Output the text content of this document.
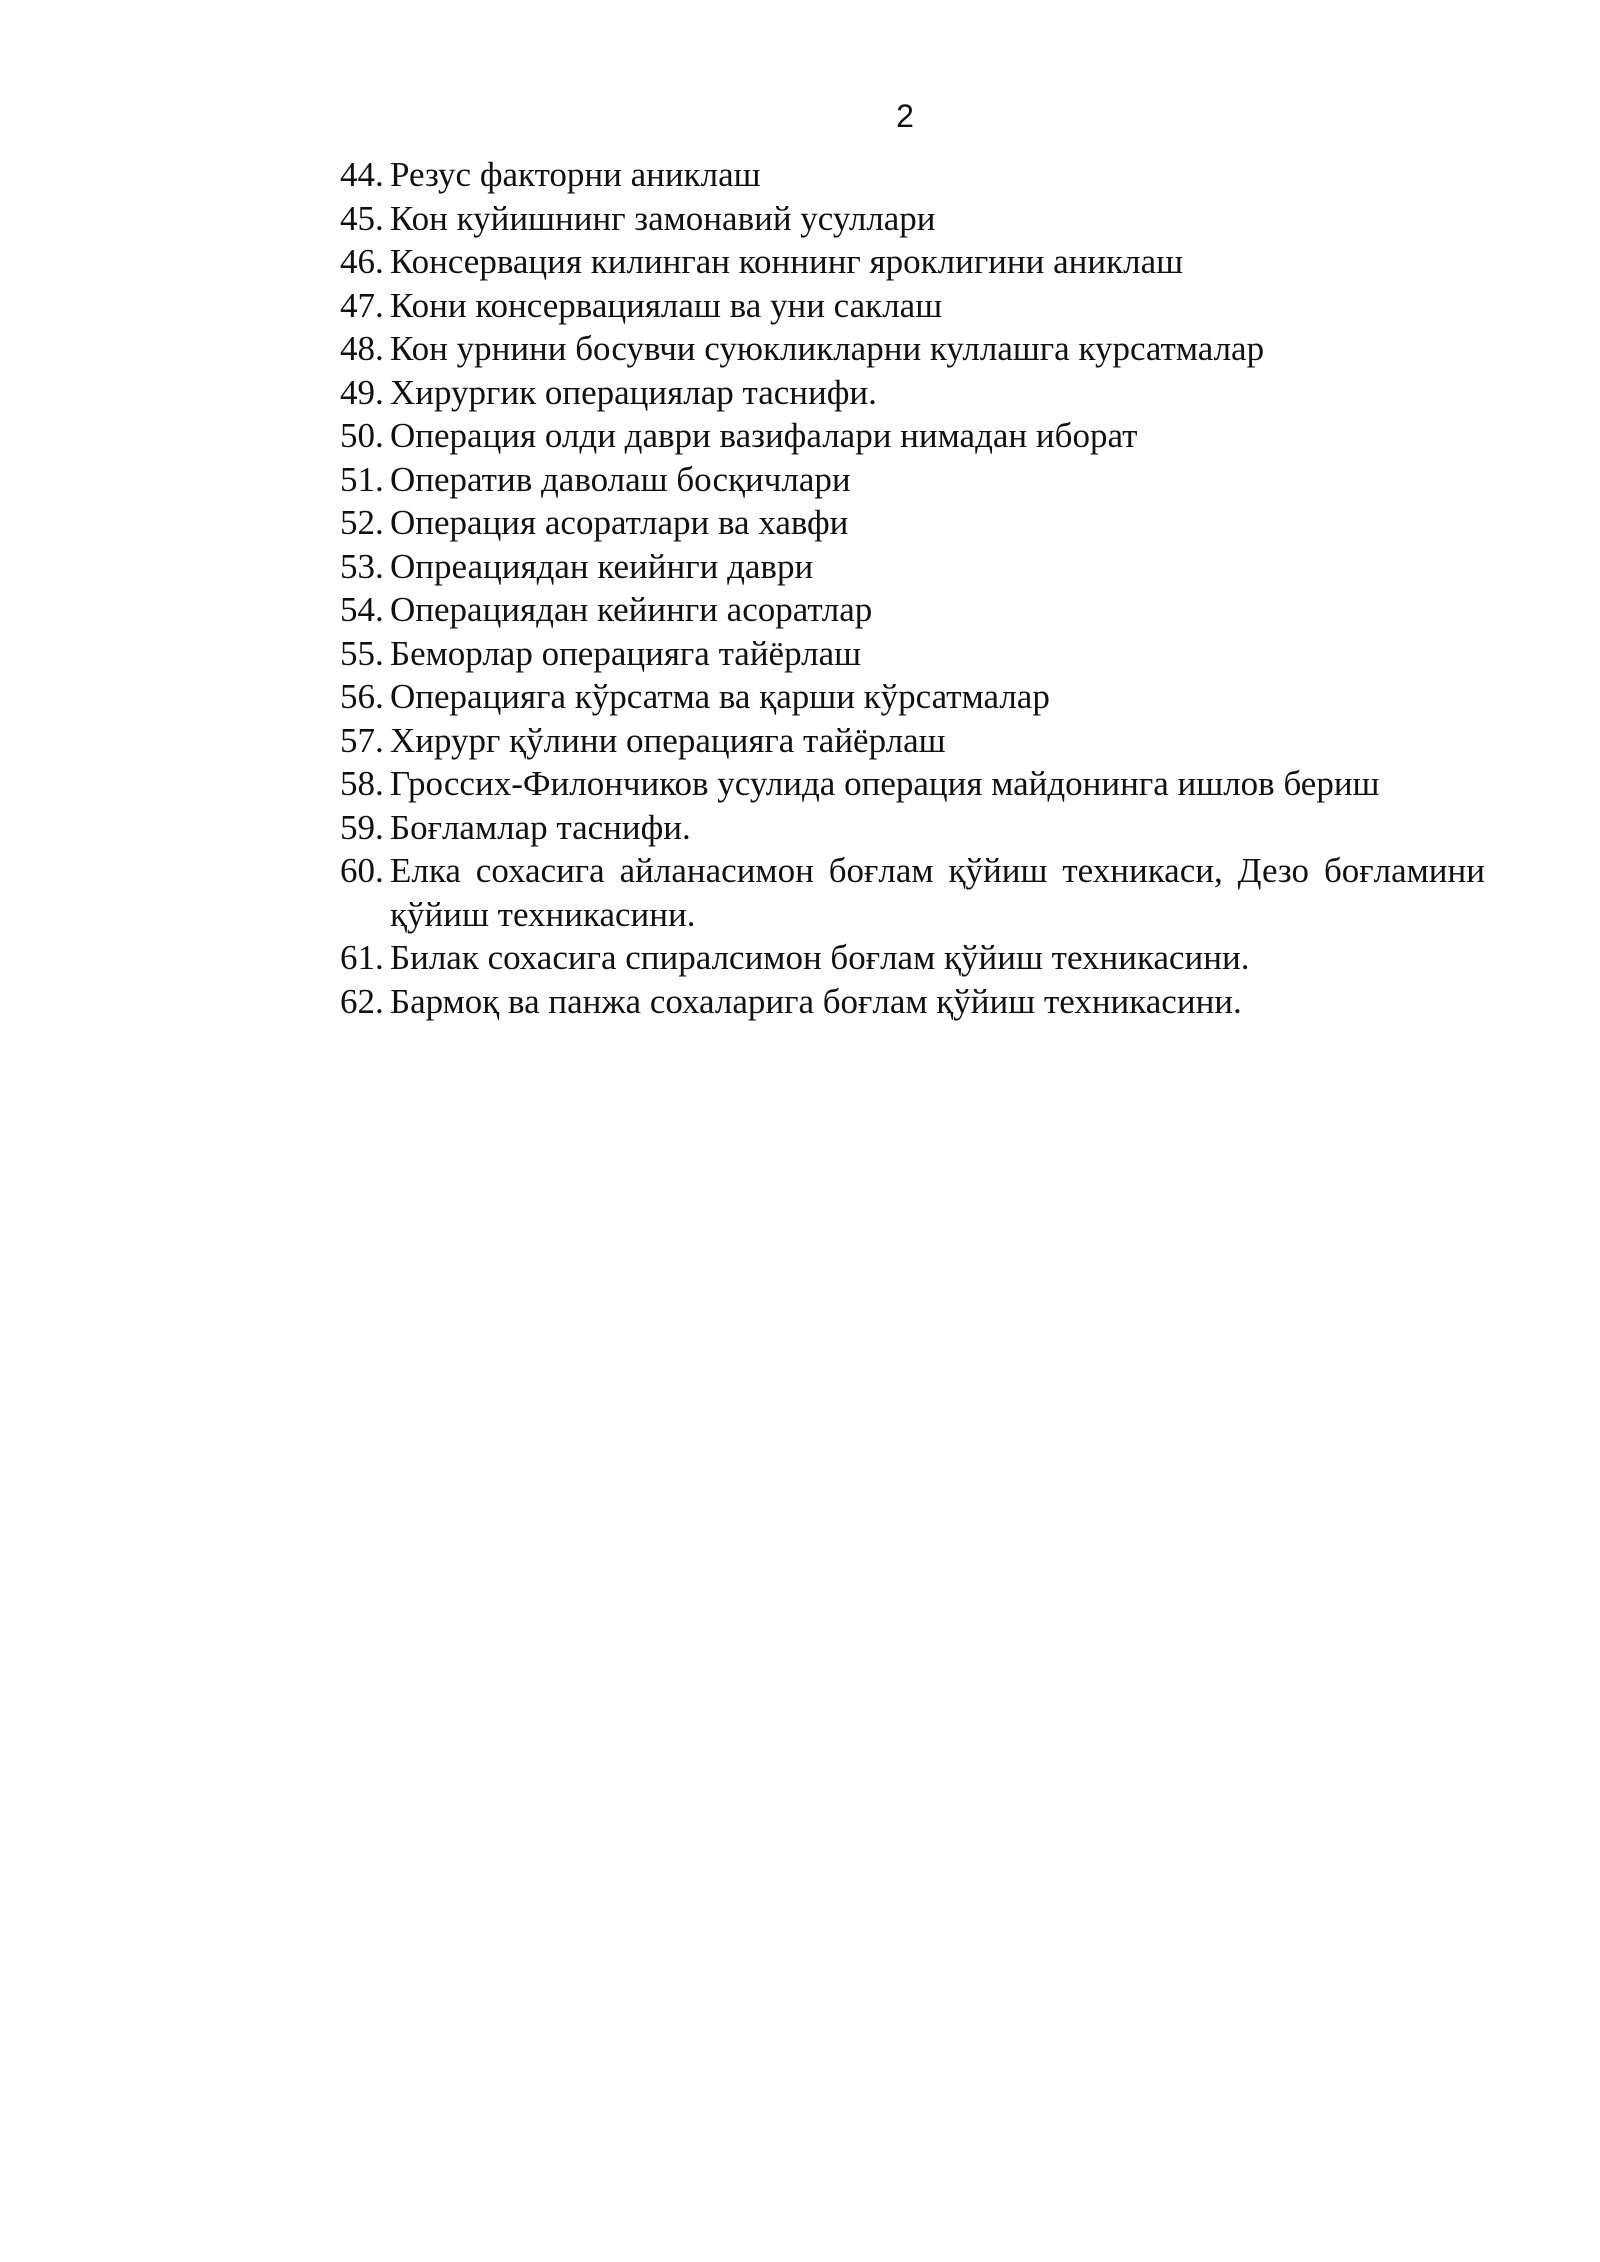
2
44. Резус факторни аниклаш
45. Кон куйишнинг замонавий усуллари
46. Консервация килинган коннинг яроклигини аниклаш
47. Кони консервациялаш ва уни саклаш
48. Кон урнини босувчи суюкликларни куллашга курсатмалар
49. Хирургик операциялар таснифи.
50. Операция олди даври вазифалари нимадан иборат
51. Оператив даволаш босқичлари
52. Операция асоратлари ва хавфи
53. Опреациядан кеийнги даври
54. Операциядан кейинги асоратлар
55. Беморлар операцияга тайёрлаш
56. Операцияга кўрсатма ва қарши кўрсатмалар
57. Хирург қўлини операцияга тайёрлаш
58. Гроссих-Филончиков усулида операция майдонинга ишлов бериш
59. Боғламлар таснифи.
60. Елка сохасига айланасимон боғлам қўйиш техникаси, Дезо боғламини қўйиш техникасини.
61. Билак сохасига спиралсимон боғлам қўйиш техникасини.
62. Бармоқ ва панжа сохаларига боғлам қўйиш техникасини.
